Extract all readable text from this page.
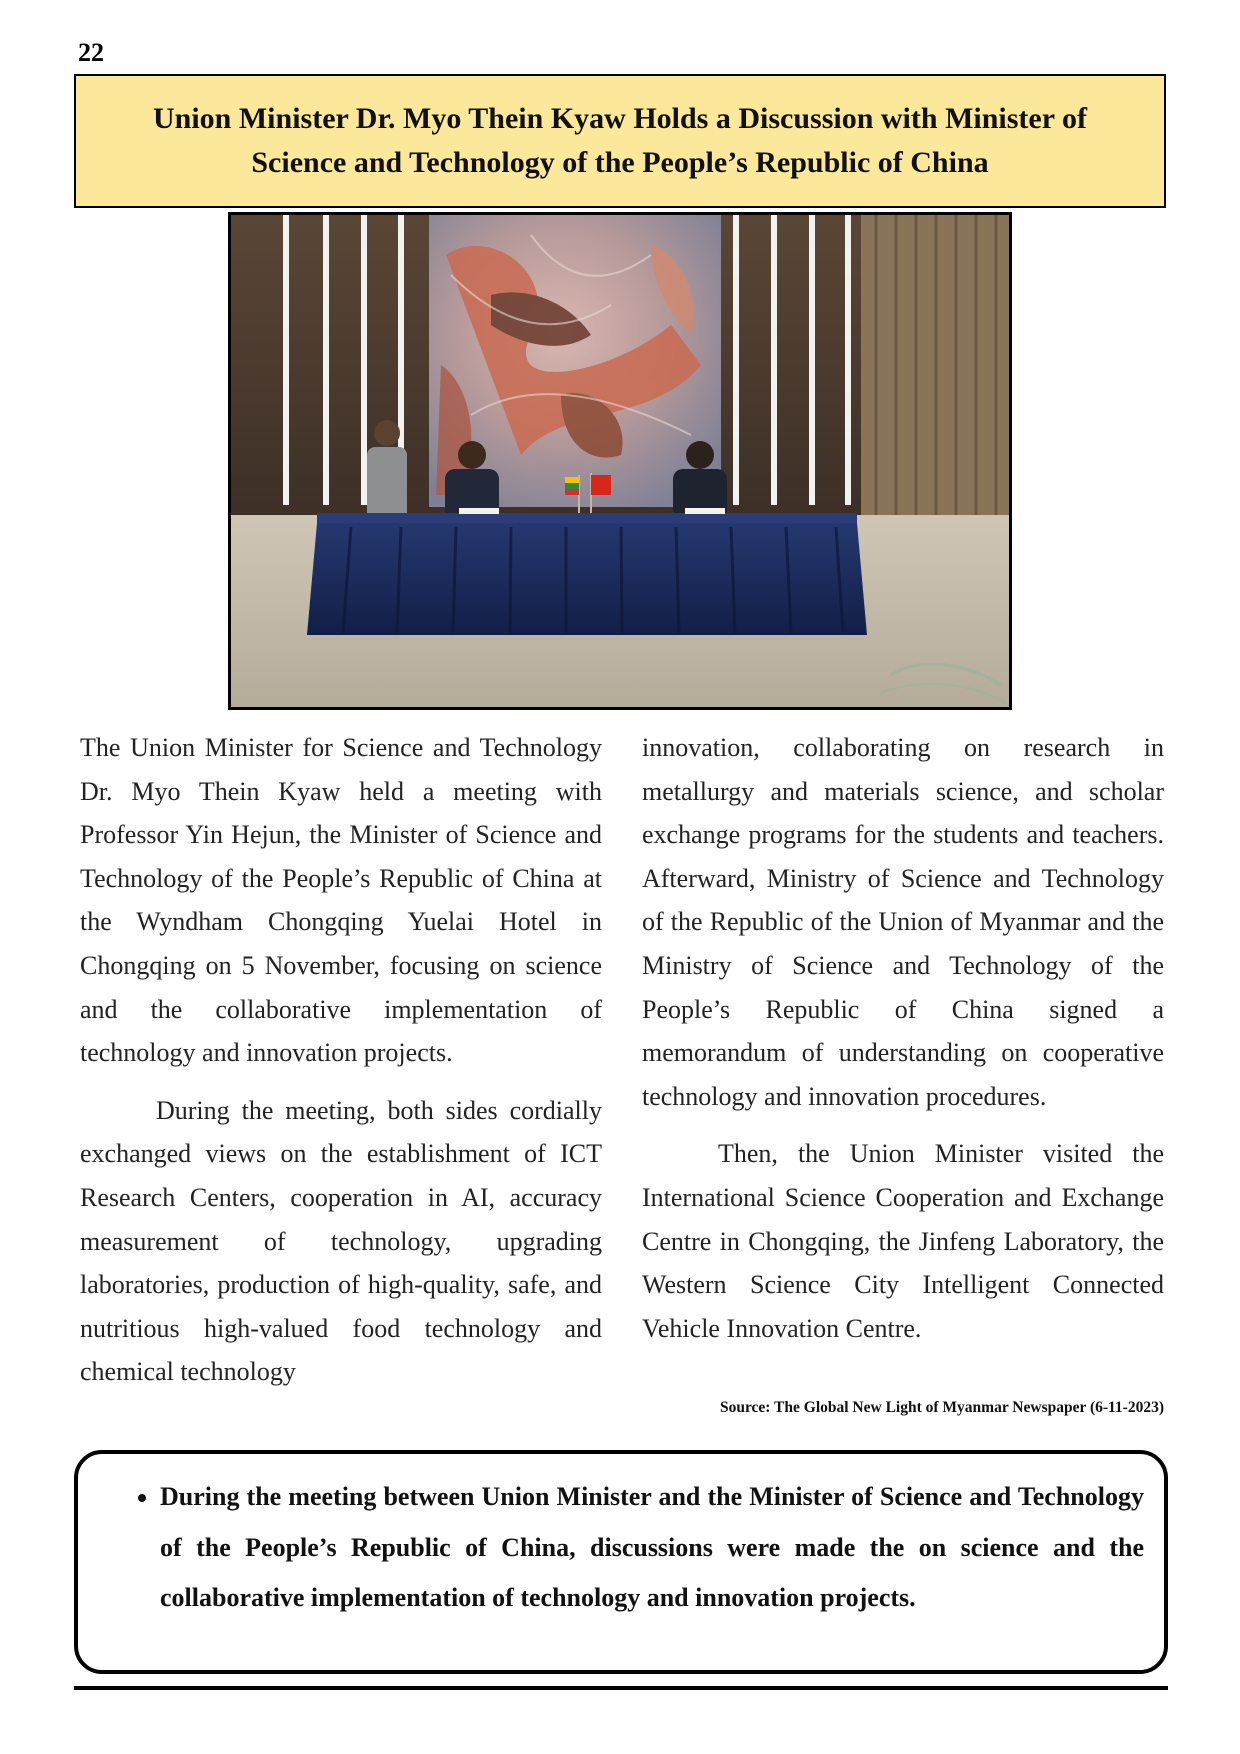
22
Union Minister Dr. Myo Thein Kyaw Holds a Discussion with Minister of Science and Technology of the People’s Republic of China

The Union Minister for Science and Technology Dr. Myo Thein Kyaw held a meeting with Professor Yin Hejun, the Minister of Science and Technology of the People’s Republic of China at the Wyndham Chongqing Yuelai Hotel in Chongqing on 5 November, focusing on science and the collaborative implementation of technology and innovation projects.

During the meeting, both sides cordially exchanged views on the establishment of ICT Research Centers, cooperation in AI, accuracy measurement of technology, upgrading laboratories, production of high-quality, safe, and nutritious high-valued food technology and chemical technology

innovation, collaborating on research in metallurgy and materials science, and scholar exchange programs for the students and teachers. Afterward, Ministry of Science and Technology of the Republic of the Union of Myanmar and the Ministry of Science and Technology of the People’s Republic of China signed a memorandum of understanding on cooperative technology and innovation procedures.

Then, the Union Minister visited the International Science Cooperation and Exchange Centre in Chongqing, the Jinfeng Laboratory, the Western Science City Intelligent Connected Vehicle Innovation Centre.

Source: The Global New Light of Myanmar Newspaper (6-11-2023)
• During the meeting between Union Minister and the Minister of Science and Technology of the People’s Republic of China, discussions were made the on science and the collaborative implementation of technology and innovation projects.
